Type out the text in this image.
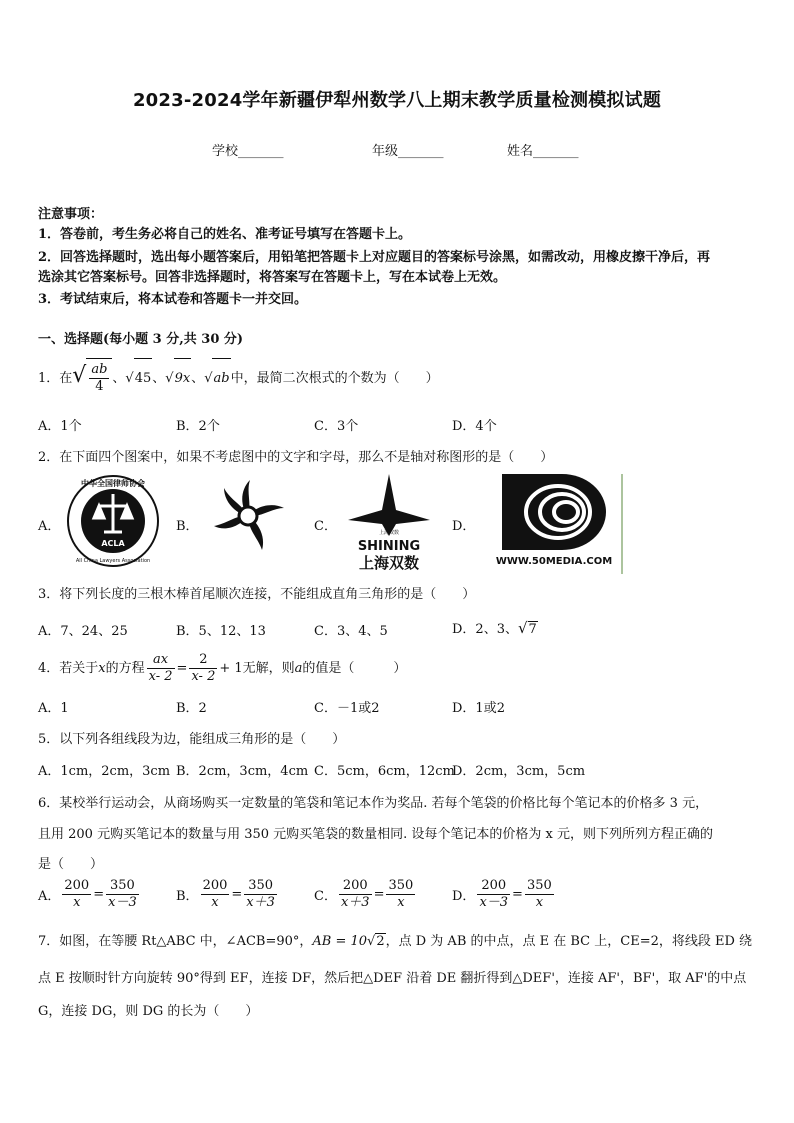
2023-2024学年新疆伊犁州数学八上期末教学质量检测模拟试题
学校_______	年级_______	姓名_______
注意事项：
1．答卷前，考生务必将自己的姓名、准考证号填写在答题卡上。
2．回答选择题时，选出每小题答案后，用铅笔把答题卡上对应题目的答案标号涂黑，如需改动，用橡皮擦干净后，再
选涂其它答案标号。回答非选择题时，将答案写在答题卡上，写在本试卷上无效。
3．考试结束后，将本试卷和答题卡一并交回。
一、选择题(每小题 3 分,共 30 分)
1．在√ $\frac{ab}{4}$ 、√45、√9x、√ab中，最简二次根式的个数为（　　）
A．1个	B．2个	C．3个	D．4个
2．在下面四个图案中，如果不考虑图中的文字和字母，那么不是轴对称图形的是（　　）
A．	B．	C．	D．
中华全国律师协会
ACLA
All China Lawyers Association
上海双数
SHINING
上海双数	WWW.50MEDIA.COM
3．将下列长度的三根木棒首尾顺次连接，不能组成直角三角形的是（　　）
A．7、24、25	B．5、12、13	C．3、4、5	D．2、3、√7
4．若关于x的方程 $\frac{ax}{x- 2} = \frac{2}{x- 2} + 1$无解，则a的值是（　　　）
A．1	B．2	C．－1或2	D．1或2
5．以下列各组线段为边，能组成三角形的是（　　）
A．1cm，2cm，3cm B．2cm，3cm，4cm C．5cm，6cm，12cm
D．2cm，3cm，5cm
6．某校举行运动会，从商场购买一定数量的笔袋和笔记本作为奖品. 若每个笔袋的价格比每个笔记本的价格多 3 元，
且用 200 元购买笔记本的数量与用 350 元购买笔袋的数量相同. 设每个笔记本的价格为 x 元，则下列所列方程正确的
是（　　）
A． $\frac{200}{x} = \frac{350}{x-3}$	B． $\frac{200}{x} = \frac{350}{x+3}$	C． $\frac{200}{x+3} = \frac{350}{x}$	D． $\frac{200}{x-3} = \frac{350}{x}$
7．如图，在等腰 Rt△ABC 中，∠ACB=90°，AB = 10√2，点 D 为 AB 的中点，点 E 在 BC 上，CE=2，将线段 ED 绕
点 E 按顺时针方向旋转 90°得到 EF，连接 DF，然后把△DEF 沿着 DE 翻折得到△DEF'，连接 AF'，BF'，取 AF'的中点
G，连接 DG，则 DG 的长为（　　）
